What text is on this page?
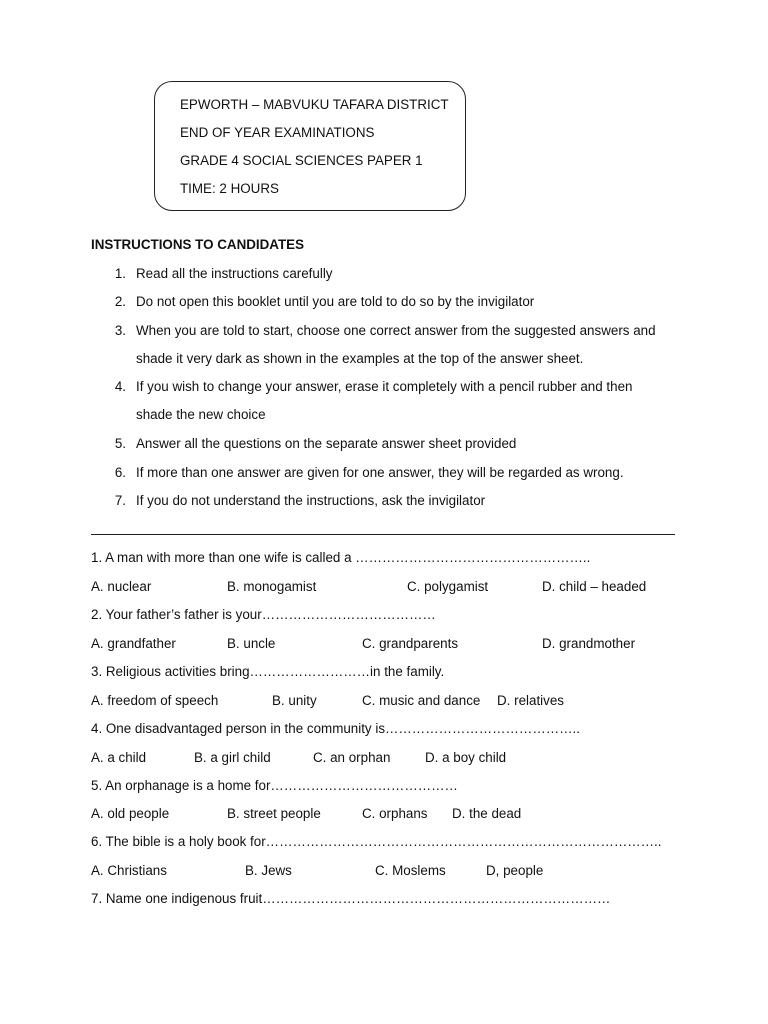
EPWORTH – MABVUKU TAFARA DISTRICT
END OF YEAR EXAMINATIONS
GRADE 4 SOCIAL SCIENCES PAPER 1
TIME: 2 HOURS
INSTRUCTIONS TO CANDIDATES
1. Read all the instructions carefully
2. Do not open this booklet until you are told to do so by the invigilator
3. When you are told to start, choose one correct answer from the suggested answers and
shade it very dark as shown in the examples at the top of the answer sheet.
4. If you wish to change your answer, erase it completely with a pencil rubber and then
shade the new choice
5. Answer all the questions on the separate answer sheet provided
6. If more than one answer are given for one answer, they will be regarded as wrong.
7. If you do not understand the instructions, ask the invigilator
1. A man with more than one wife is called a ……………………………………………..
A. nuclear	B. monogamist	C. polygamist	D. child – headed
2. Your father’s father is your…………………………………
A. grandfather	B. uncle	C. grandparents	D. grandmother
3. Religious activities bring………………………in the family.
A. freedom of speech	B. unity	C. music and dance D. relatives
4. One disadvantaged person in the community is……………………………………..
A. a child	B. a girl child	C. an orphan	D. a boy child
5. An orphanage is a home for……………………………………
A. old people	B. street people	C. orphans D. the dead
6. The bible is a holy book for……………………………………………………………………………..
A. Christians	B. Jews	C. Moslems	D, people
7. Name one indigenous fruit……………………………………………………………………
